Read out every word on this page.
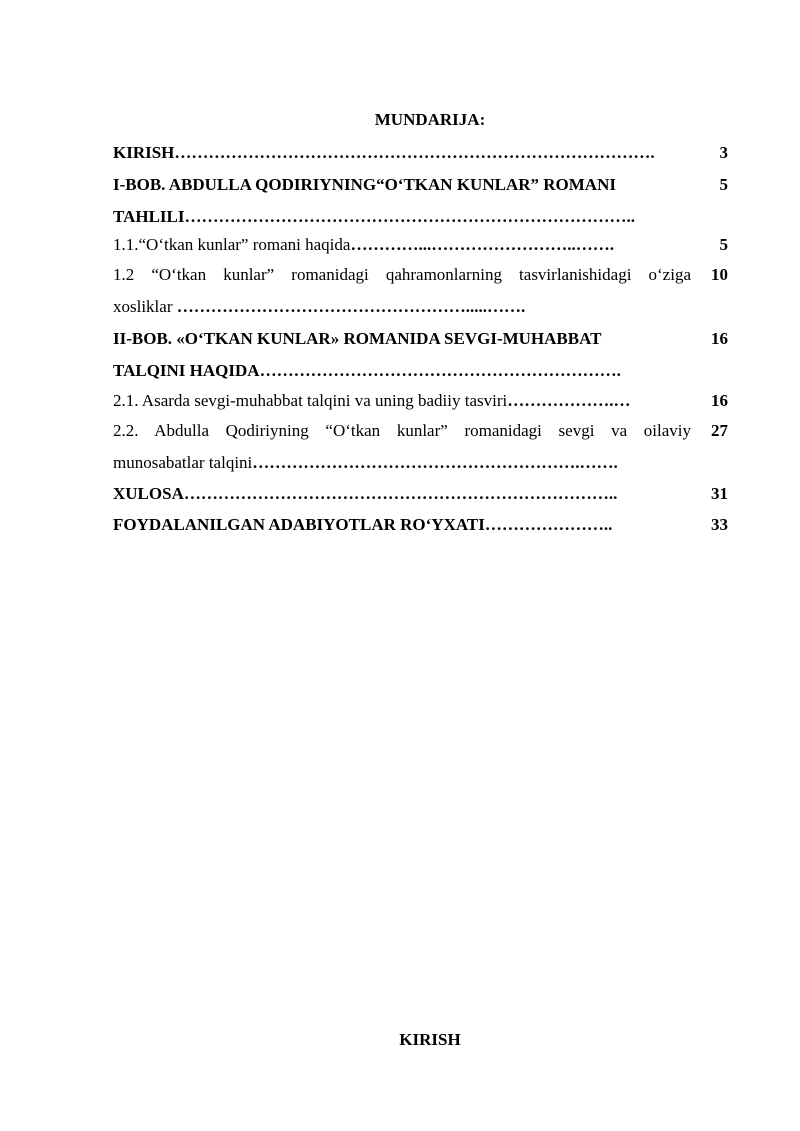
MUNDARIJA:
KIRISH………………………………………………………………………….	3
I-BOB. ABDULLA QODIRIYNING“O‘TKAN KUNLAR” ROMANI	5
TAHLILI……………………………………………………………………..
1.1.“O‘tkan kunlar” romani haqida…………...……………………..…….	5
1.2 “O‘tkan kunlar” romanidagi qahramonlarning tasvirlanishidagi o‘ziga	10
xosliklar …………………………………………….....…….
II-BOB. «O‘TKAN KUNLAR» ROMANIDA SEVGI-MUHABBAT	16
TALQINI HAQIDA……………………………………………………….
2.1. Asarda sevgi-muhabbat talqini va uning badiiy tasviri……………….…	16
2.2. Abdulla Qodiriyning “O‘tkan kunlar” romanidagi sevgi va oilaviy	27
munosabatlar talqini………………………………………………….…….
XULOSA…………………………………………………………………..	31
FOYDALANILGAN ADABIYOTLAR RO‘YXATI…………………..	33
KIRISH
